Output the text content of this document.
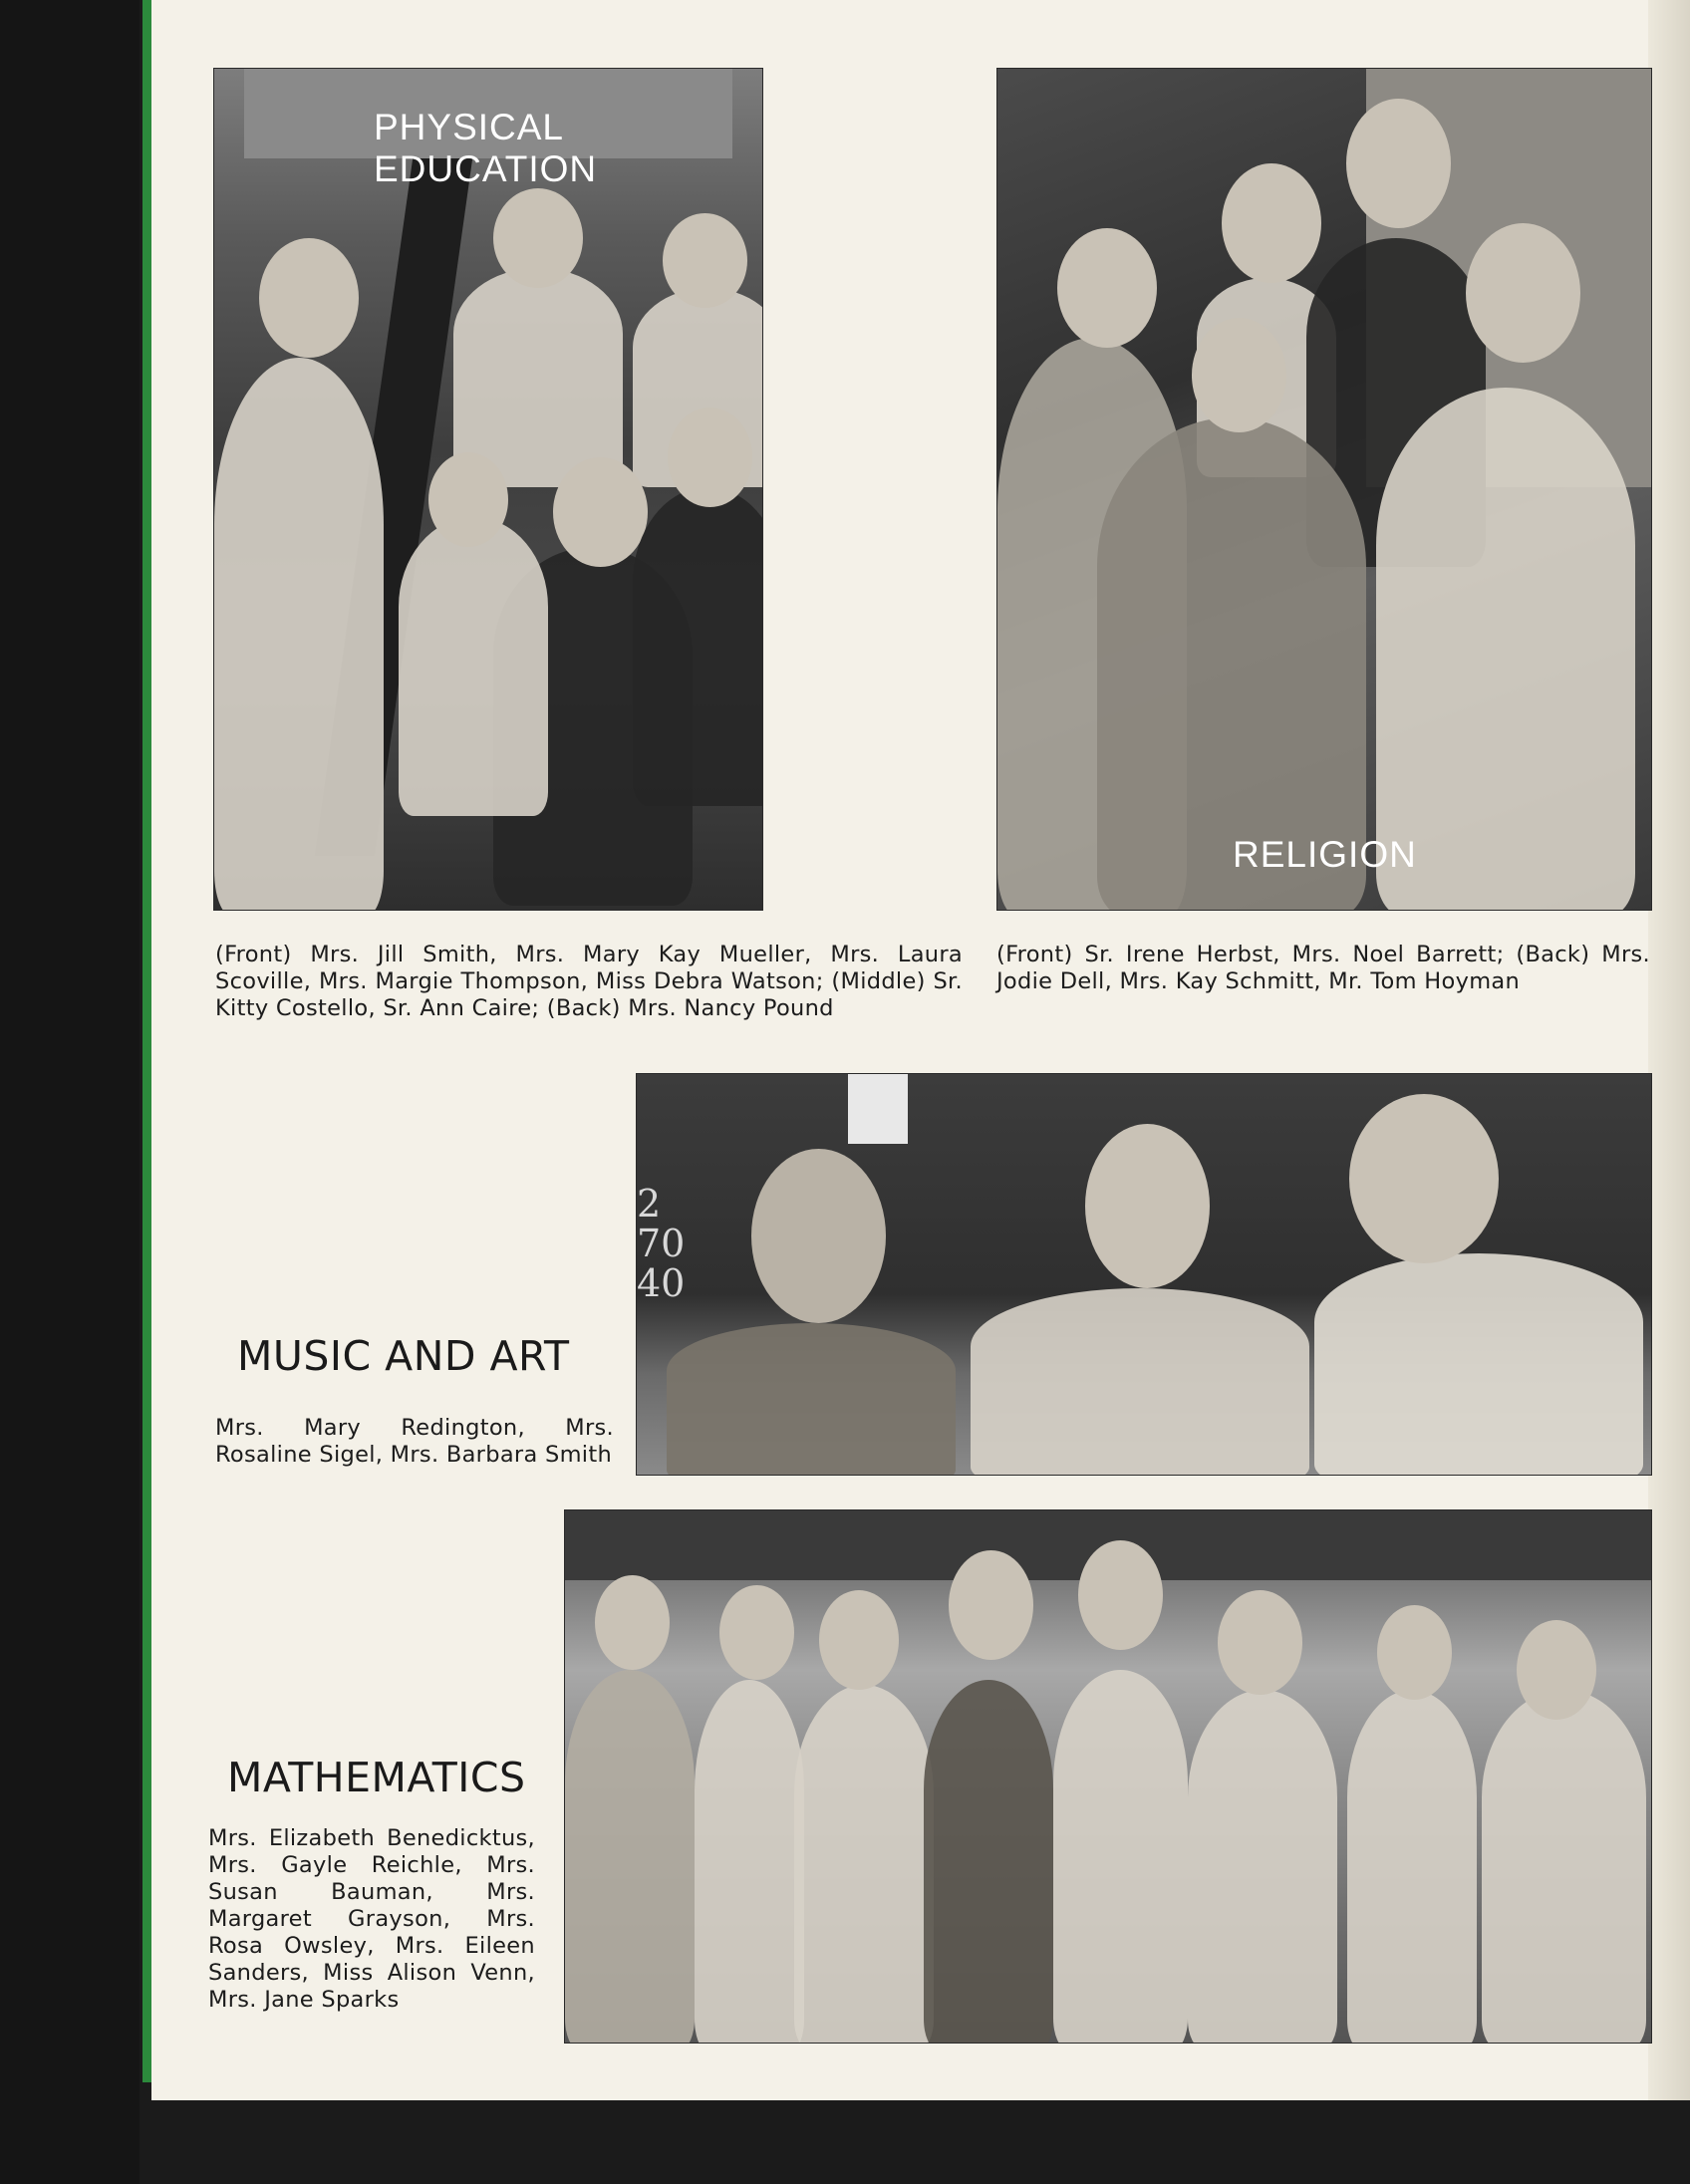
PHYSICAL EDUCATION
RELIGION
(Front) Mrs. Jill Smith, Mrs. Mary Kay Mueller, Mrs. Laura Scoville, Mrs. Margie Thompson, Miss Debra Watson; (Middle) Sr. Kitty Costello, Sr. Ann Caire; (Back) Mrs. Nancy Pound
(Front) Sr. Irene Herbst, Mrs. Noel Barrett; (Back) Mrs. Jodie Dell, Mrs. Kay Schmitt, Mr. Tom Hoyman
2
70
40
MUSIC AND ART
Mrs. Mary Redington, Mrs. Rosaline Sigel, Mrs. Barbara Smith
MATHEMATICS
Mrs. Elizabeth Benedicktus, Mrs. Gayle Reichle, Mrs. Susan Bauman, Mrs. Margaret Grayson, Mrs. Rosa Owsley, Mrs. Eileen Sanders, Miss Alison Venn, Mrs. Jane Sparks
